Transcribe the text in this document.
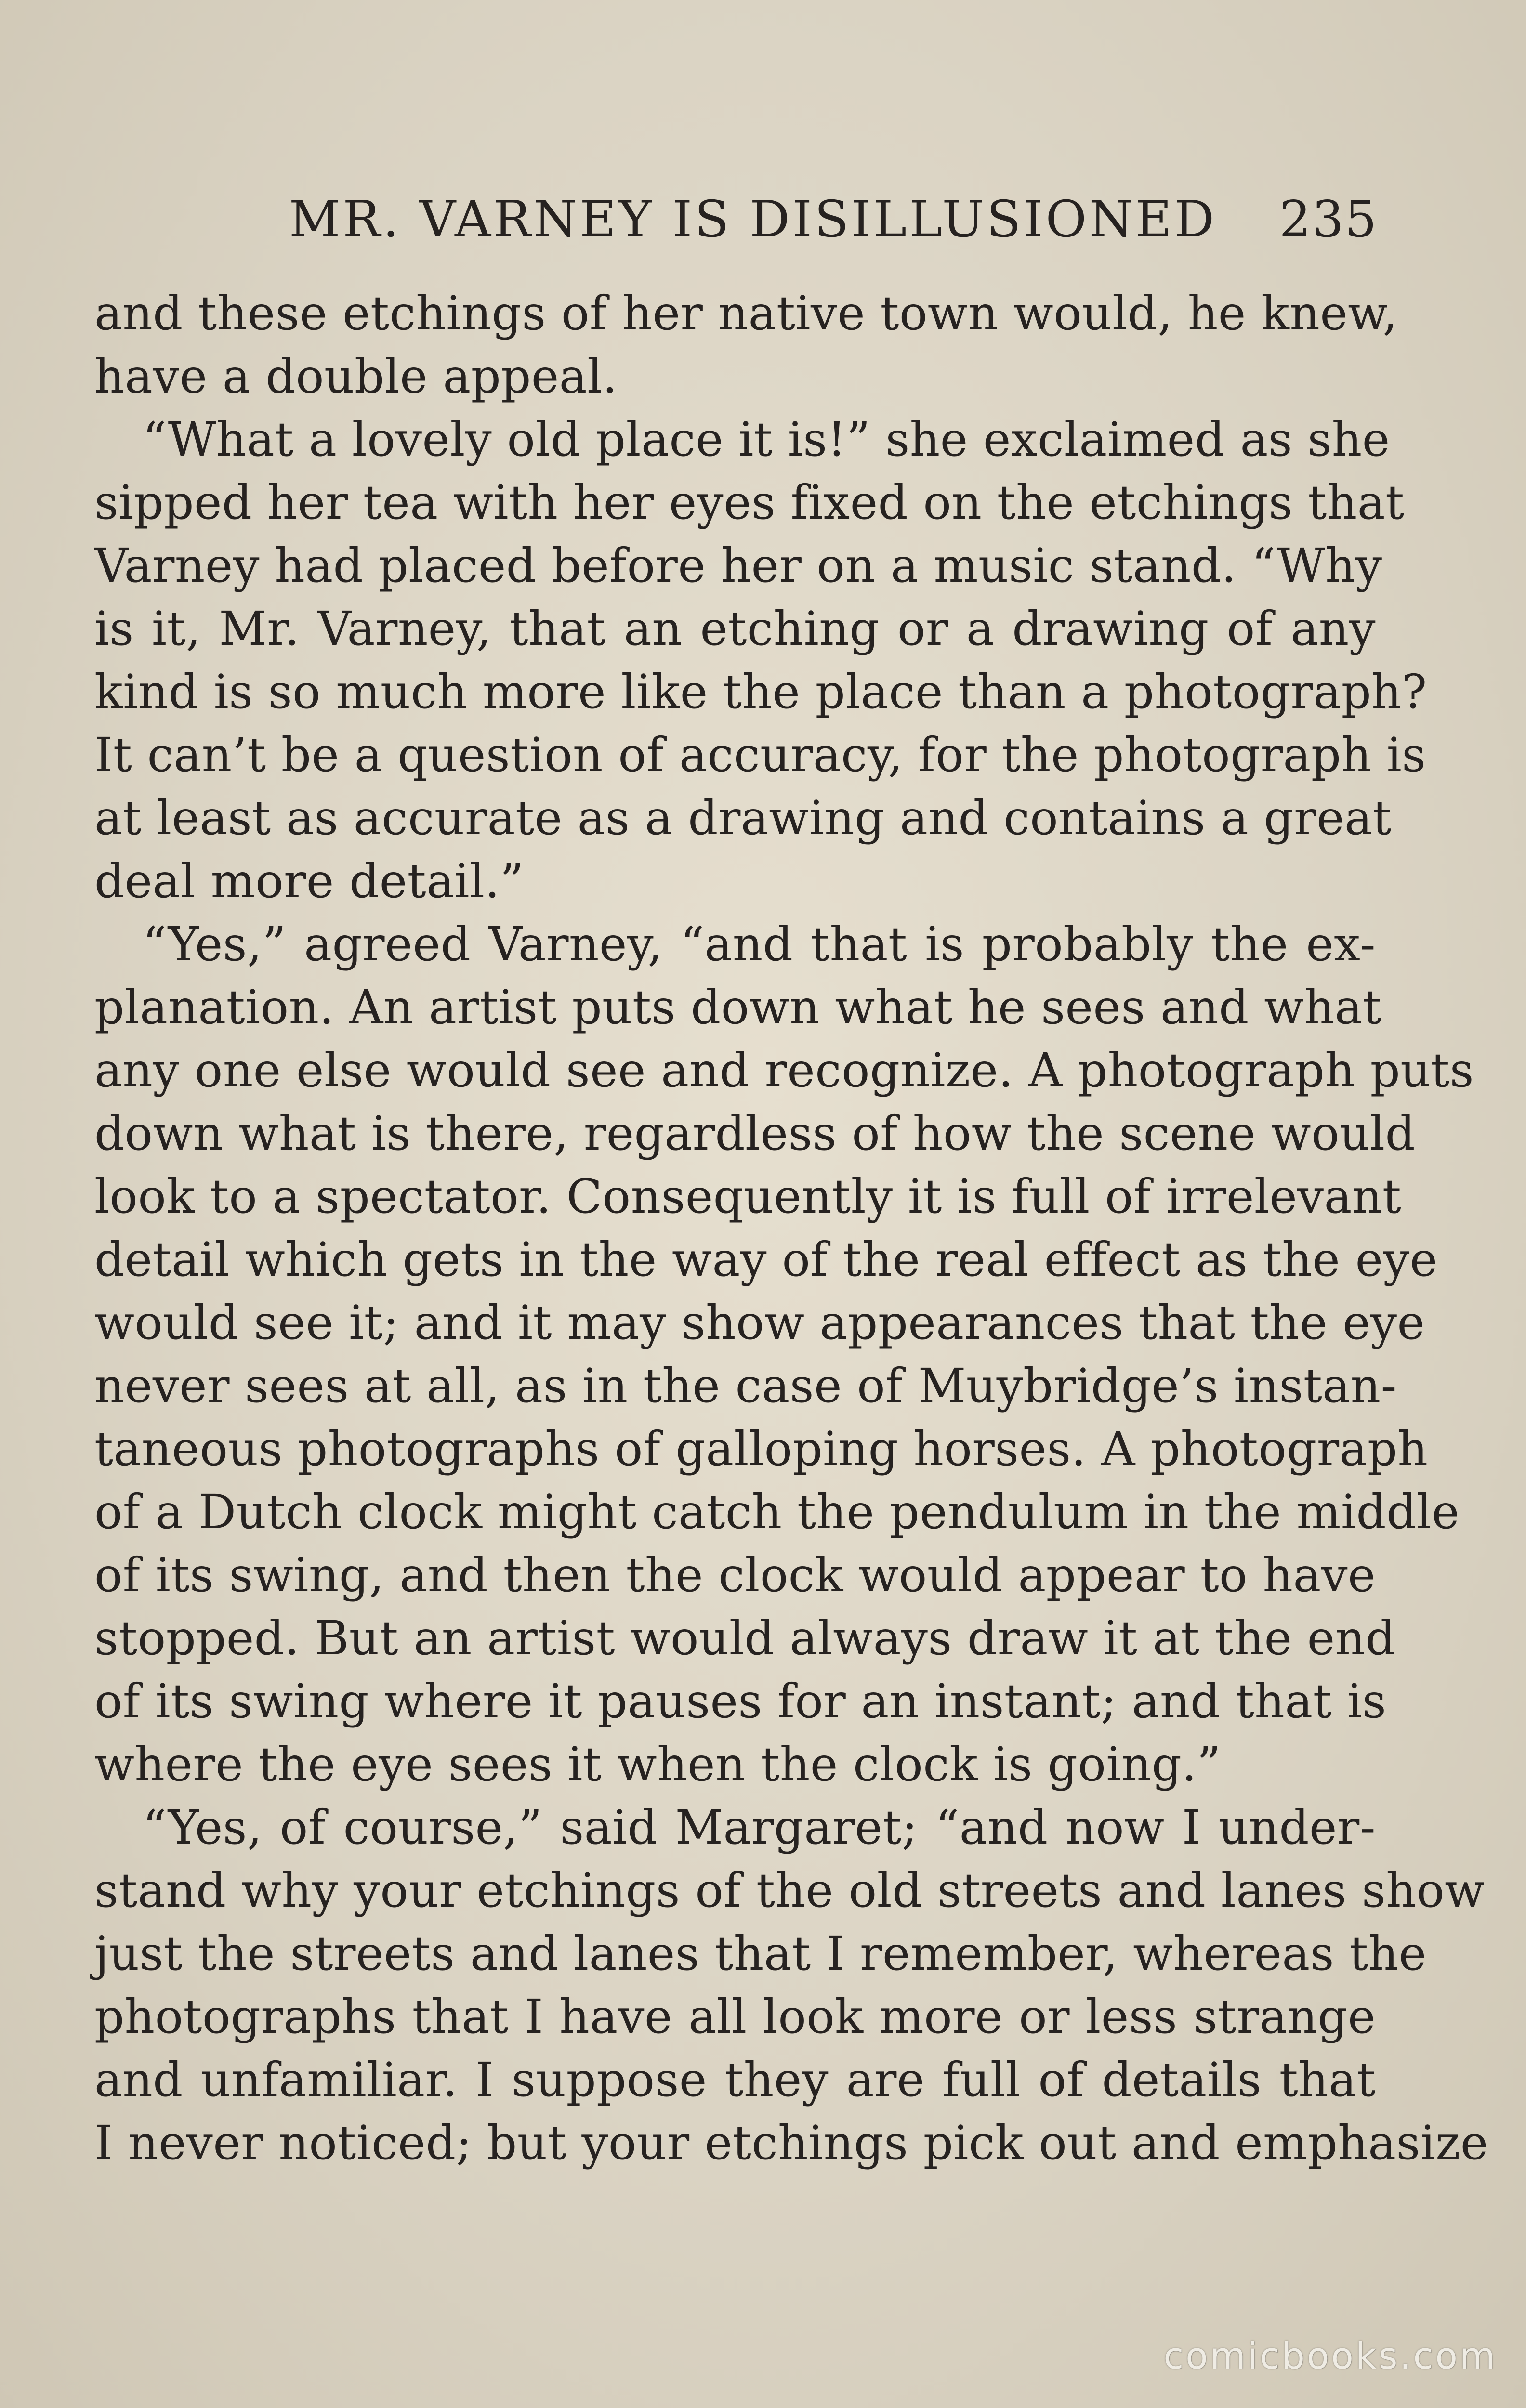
MR. VARNEY IS DISILLUSIONED 235
and these etchings of her native town would, he knew,
have a double appeal.
“What a lovely old place it is!” she exclaimed as she
sipped her tea with her eyes fixed on the etchings that
Varney had placed before her on a music stand. “Why
is it, Mr. Varney, that an etching or a drawing of any
kind is so much more like the place than a photograph?
It can’t be a question of accuracy, for the photograph is
at least as accurate as a drawing and contains a great
deal more detail.”
“Yes,” agreed Varney, “and that is probably the ex-
planation. An artist puts down what he sees and what
any one else would see and recognize. A photograph puts
down what is there, regardless of how the scene would
look to a spectator. Consequently it is full of irrelevant
detail which gets in the way of the real effect as the eye
would see it; and it may show appearances that the eye
never sees at all, as in the case of Muybridge’s instan-
taneous photographs of galloping horses. A photograph
of a Dutch clock might catch the pendulum in the middle
of its swing, and then the clock would appear to have
stopped. But an artist would always draw it at the end
of its swing where it pauses for an instant; and that is
where the eye sees it when the clock is going.”
“Yes, of course,” said Margaret; “and now I under-
stand why your etchings of the old streets and lanes show
just the streets and lanes that I remember, whereas the
photographs that I have all look more or less strange
and unfamiliar. I suppose they are full of details that
I never noticed; but your etchings pick out and emphasize
comicbooks.com
